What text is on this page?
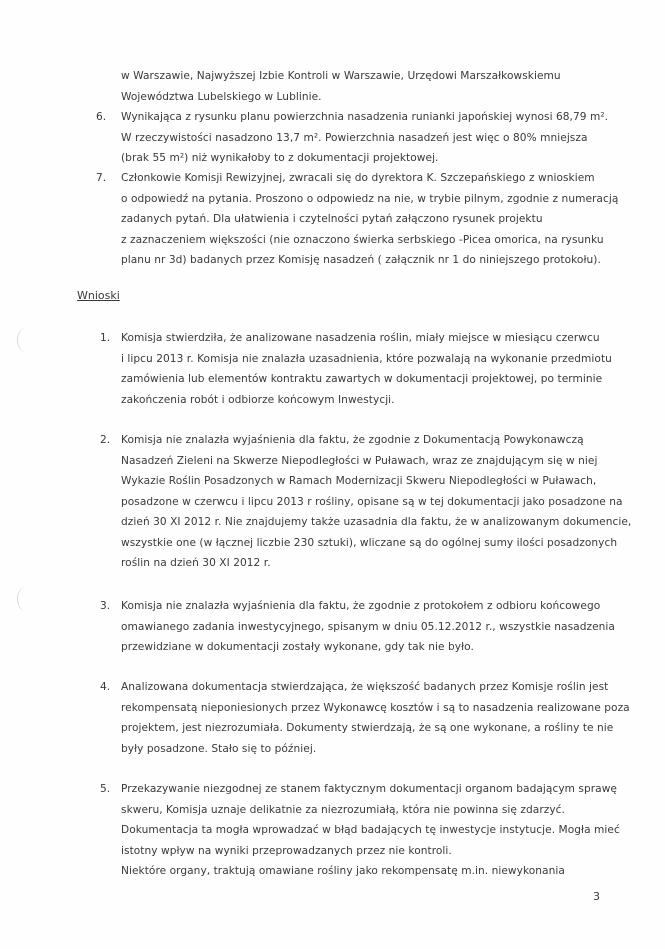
w Warszawie, Najwyższej Izbie Kontroli w Warszawie, Urzędowi Marszałkowskiemu
Województwa Lubelskiego w Lublinie.
6. Wynikająca z rysunku planu powierzchnia nasadzenia runianki japońskiej wynosi 68,79 m².
W rzeczywistości nasadzono 13,7 m². Powierzchnia nasadzeń jest więc o 80% mniejsza
(brak 55 m²) niż wynikałoby to z dokumentacji projektowej.
7. Członkowie Komisji Rewizyjnej, zwracali się do dyrektora K. Szczepańskiego z wnioskiem
o odpowiedź na pytania. Proszono o odpowiedz na nie, w trybie pilnym, zgodnie z numeracją
zadanych pytań. Dla ułatwienia i czytelności pytań załączono rysunek projektu
z zaznaczeniem większości (nie oznaczono świerka serbskiego -Picea omorica, na rysunku
planu nr 3d) badanych przez Komisję nasadzeń ( załącznik nr 1 do niniejszego protokołu).
Wnioski
1. Komisja stwierdziła, że analizowane nasadzenia roślin, miały miejsce w miesiącu czerwcu
i lipcu 2013 r. Komisja nie znalazła uzasadnienia, które pozwalają na wykonanie przedmiotu
zamówienia lub elementów kontraktu zawartych w dokumentacji projektowej, po terminie
zakończenia robót i odbiorze końcowym Inwestycji.
2. Komisja nie znalazła wyjaśnienia dla faktu, że zgodnie z Dokumentacją Powykonawczą
Nasadzeń Zieleni na Skwerze Niepodległości w Puławach, wraz ze znajdującym się w niej
Wykazie Roślin Posadzonych w Ramach Modernizacji Skweru Niepodległości w Puławach,
posadzone w czerwcu i lipcu 2013 r rośliny, opisane są w tej dokumentacji jako posadzone na
dzień 30 XI 2012 r. Nie znajdujemy także uzasadnia dla faktu, że w analizowanym dokumencie,
wszystkie one (w łącznej liczbie 230 sztuki), wliczane są do ogólnej sumy ilości posadzonych
roślin na dzień 30 XI 2012 r.
3. Komisja nie znalazła wyjaśnienia dla faktu, że zgodnie z protokołem z odbioru końcowego
omawianego zadania inwestycyjnego, spisanym w dniu 05.12.2012 r., wszystkie nasadzenia
przewidziane w dokumentacji zostały wykonane, gdy tak nie było.
4. Analizowana dokumentacja stwierdzająca, że większość badanych przez Komisje roślin jest
rekompensatą nieponiesionych przez Wykonawcę kosztów i są to nasadzenia realizowane poza
projektem, jest niezrozumiała. Dokumenty stwierdzają, że są one wykonane, a rośliny te nie
były posadzone. Stało się to później.
5. Przekazywanie niezgodnej ze stanem faktycznym dokumentacji organom badającym sprawę
skweru, Komisja uznaje delikatnie za niezrozumiałą, która nie powinna się zdarzyć.
Dokumentacja ta mogła wprowadzać w błąd badających tę inwestycje instytucje. Mogła mieć
istotny wpływ na wyniki przeprowadzanych przez nie kontroli.
Niektóre organy, traktują omawiane rośliny jako rekompensatę m.in. niewykonania
3
